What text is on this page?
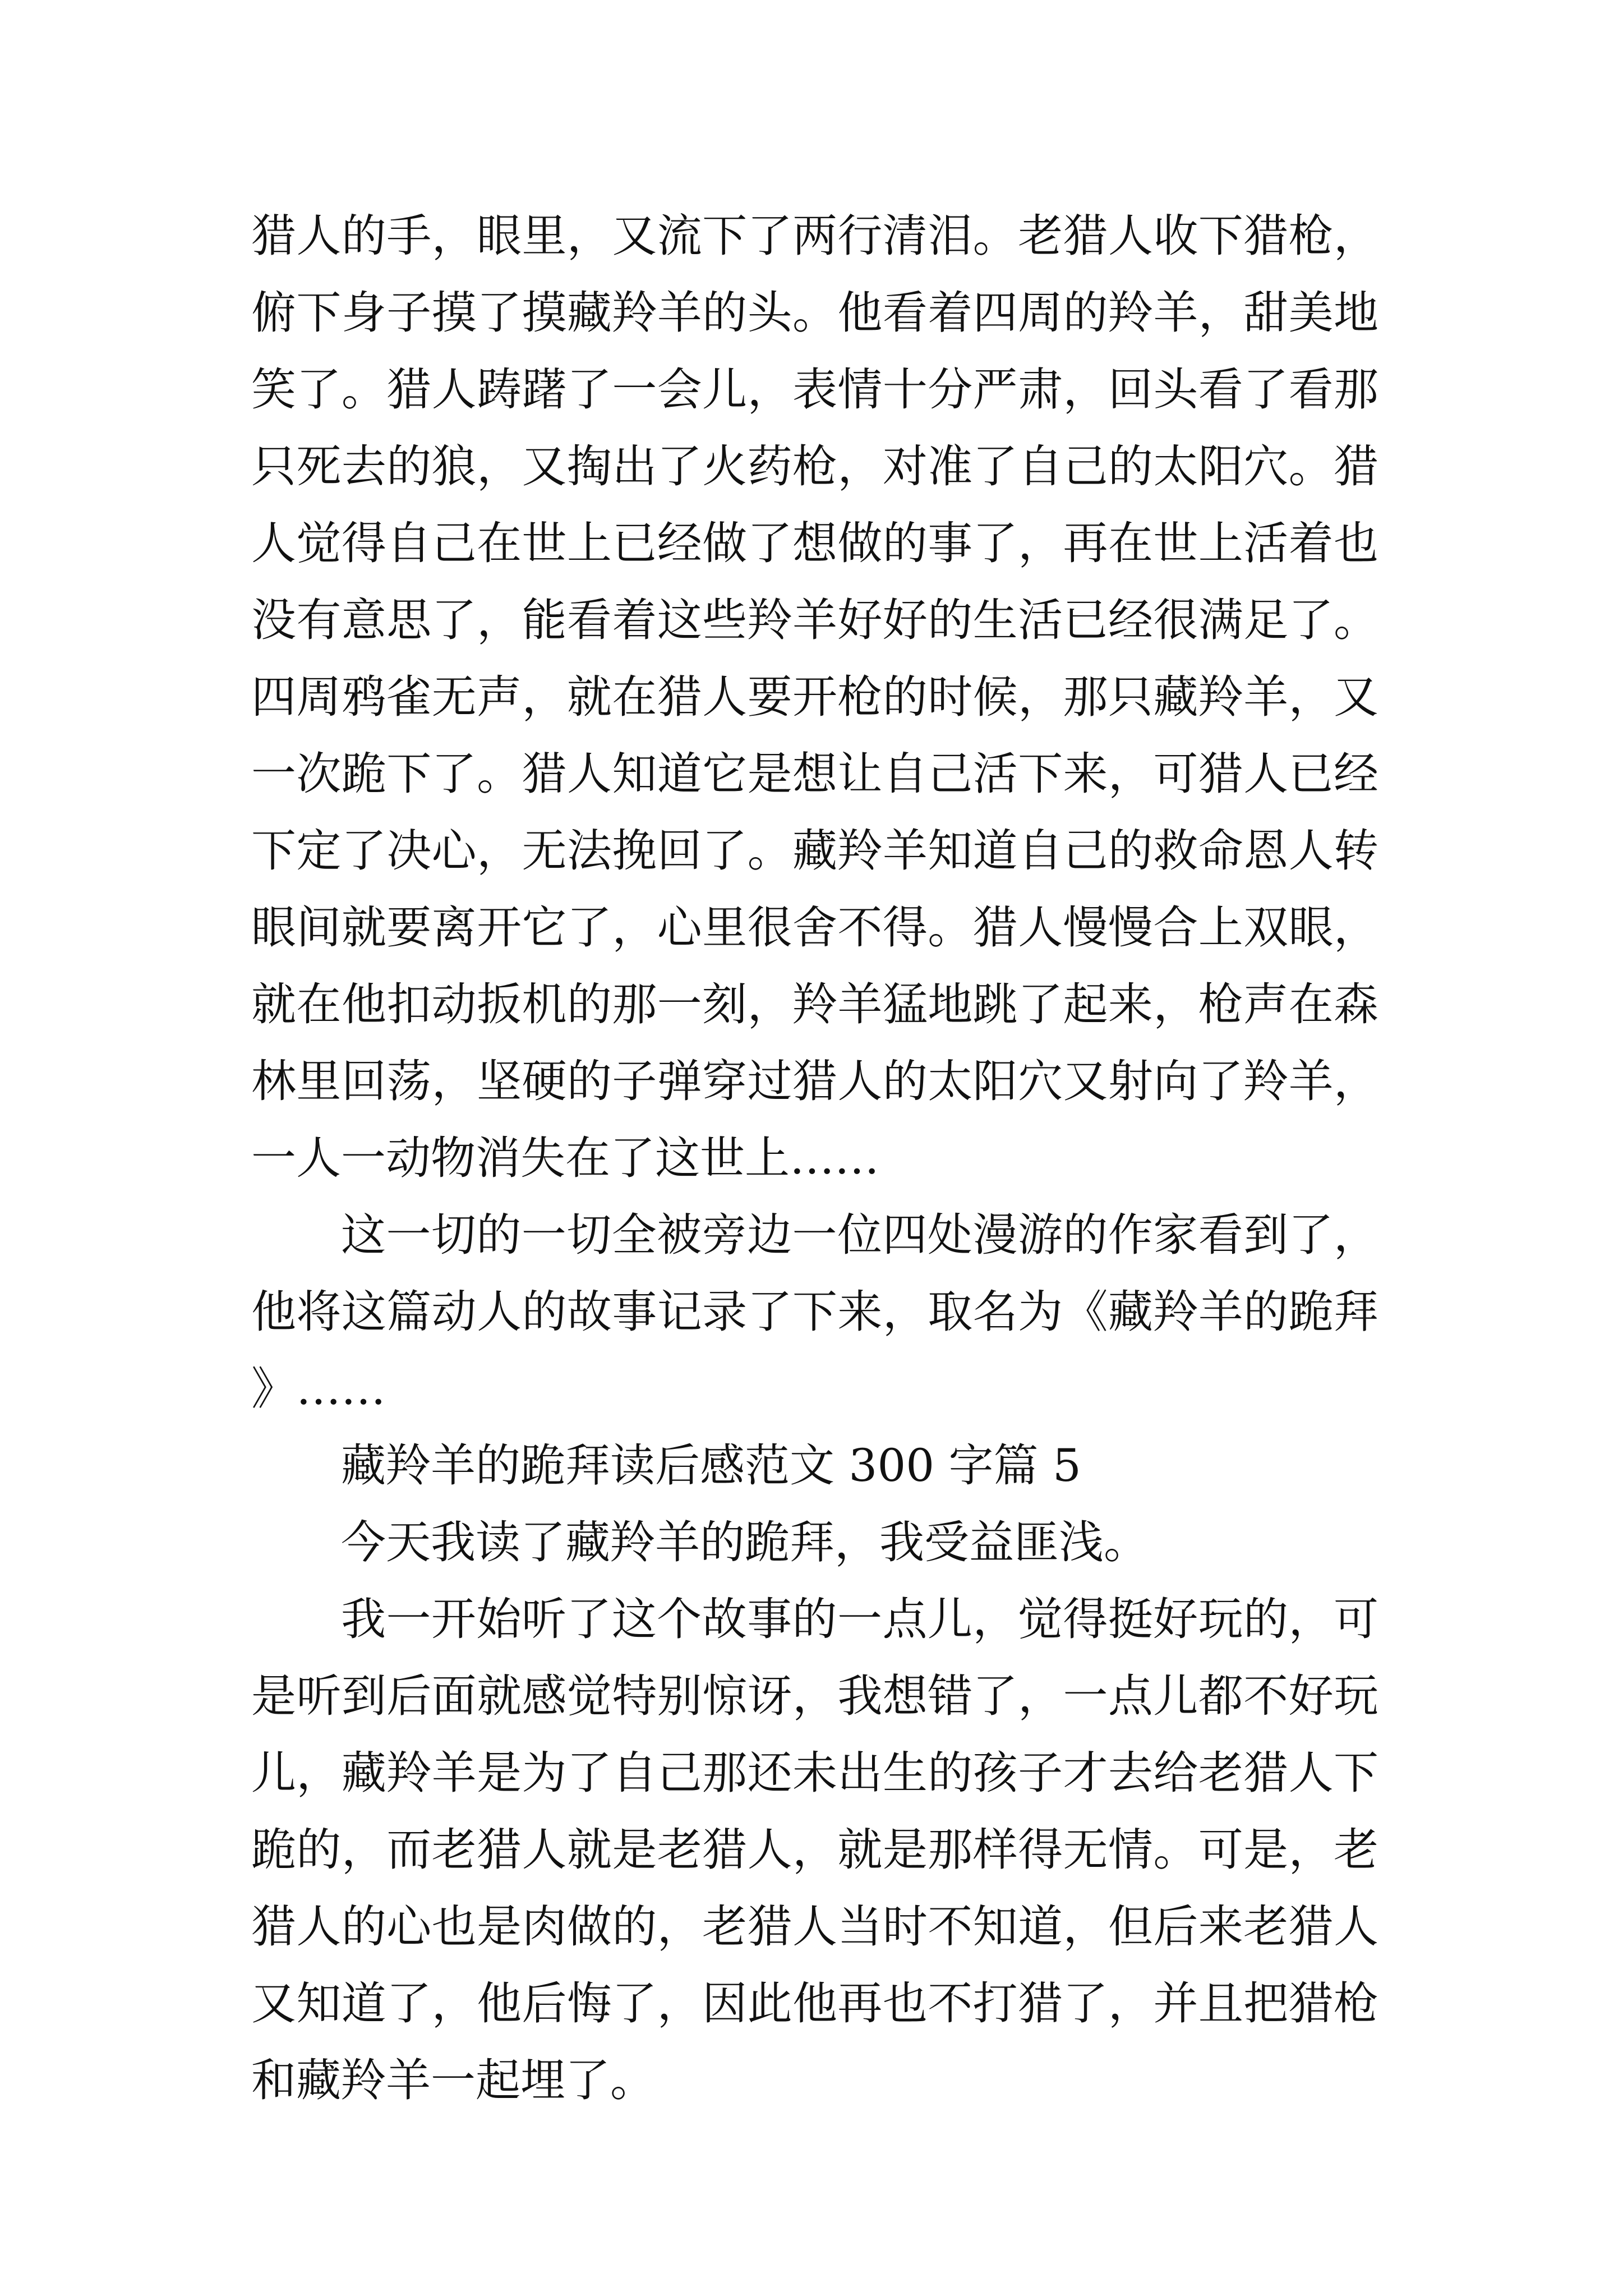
猎人的手，眼里，又流下了两行清泪。老猎人收下猎枪，俯下身子摸了摸藏羚羊的头。他看着四周的羚羊，甜美地笑了。猎人踌躇了一会儿，表情十分严肃，回头看了看那只死去的狼，又掏出了火药枪，对准了自己的太阳穴。猎人觉得自己在世上已经做了想做的事了，再在世上活着也没有意思了，能看着这些羚羊好好的生活已经很满足了。四周鸦雀无声，就在猎人要开枪的时候，那只藏羚羊，又一次跪下了。猎人知道它是想让自己活下来，可猎人已经下定了决心，无法挽回了。藏羚羊知道自己的救命恩人转眼间就要离开它了，心里很舍不得。猎人慢慢合上双眼，就在他扣动扳机的那一刻，羚羊猛地跳了起来，枪声在森林里回荡，坚硬的子弹穿过猎人的太阳穴又射向了羚羊，一人一动物消失在了这世上……

这一切的一切全被旁边一位四处漫游的作家看到了，他将这篇动人的故事记录了下来，取名为《藏羚羊的跪拜》……

藏羚羊的跪拜读后感范文 300 字篇 5

今天我读了藏羚羊的跪拜，我受益匪浅。

我一开始听了这个故事的一点儿，觉得挺好玩的，可是听到后面就感觉特别惊讶，我想错了，一点儿都不好玩儿，藏羚羊是为了自己那还未出生的孩子才去给老猎人下跪的，而老猎人就是老猎人，就是那样得无情。可是，老猎人的心也是肉做的，老猎人当时不知道，但后来老猎人又知道了，他后悔了，因此他再也不打猎了，并且把猎枪和藏羚羊一起埋了。
